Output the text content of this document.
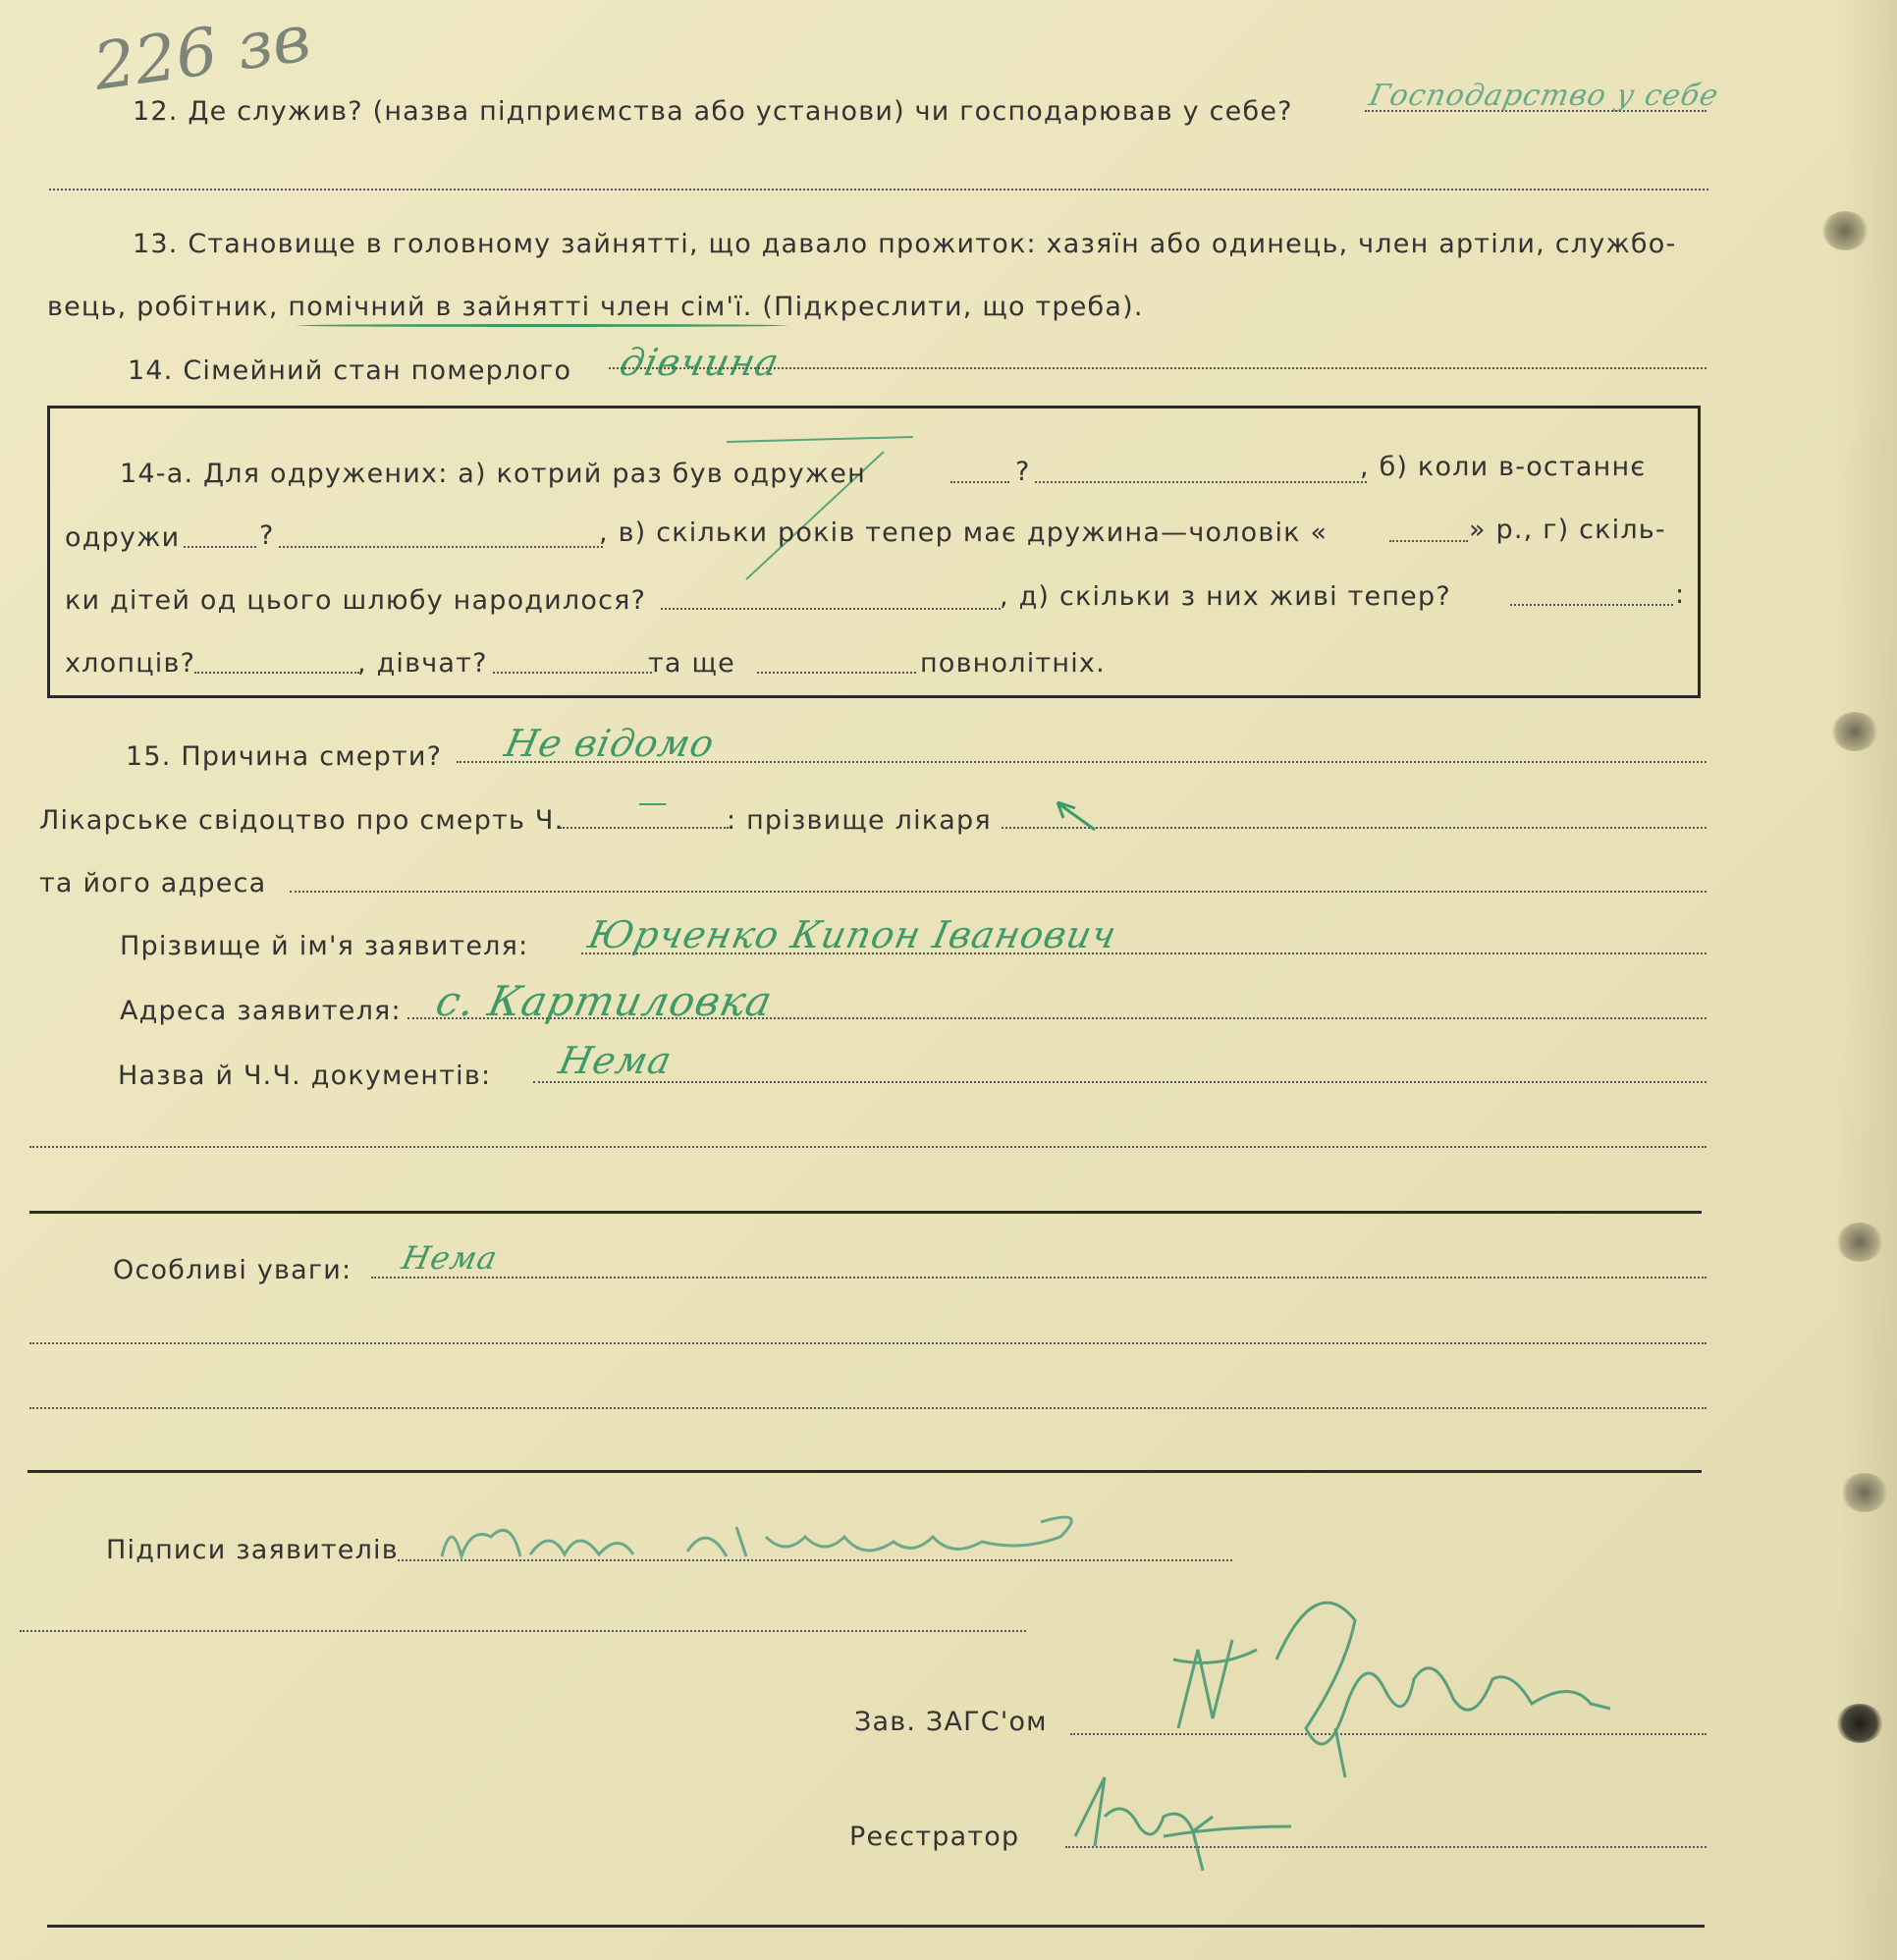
226 зв
12. Де служив? (назва підприємства або установи) чи господарював у себе? Господарство у себе
13. Становище в головному зайнятті, що давало прожиток: хазяїн або одинець, член артіли, службо-
вець, робітник, помічний в зайнятті член сім'ї. (Підкреслити, що треба).
14. Сімейний стан померлого дівчина
14-а. Для одружених: а) котрий раз був одружен	?	, б) коли в-останнє
одружи	?	, в) скільки років тепер має дружина—чоловік «	» р., г) скіль-
ки дітей од цього шлюбу народилося?	, д) скільки з них живі тепер?	:
хлопців?	, дівчат?	та ще	повнолітніх.
15. Причина смерти? Не відомо
Лікарське свідоцтво про смерть Ч.
—
: прізвище лікаря
та його адреса
Прізвище й ім'я заявителя: Юрченко Кипон Іванович
Адреса заявителя: с. Картиловка
Назва й Ч.Ч. документів: Нема
Особливі уваги: Нема
Підписи заявителів
Зав. ЗАГС'ом
Реєстратор
